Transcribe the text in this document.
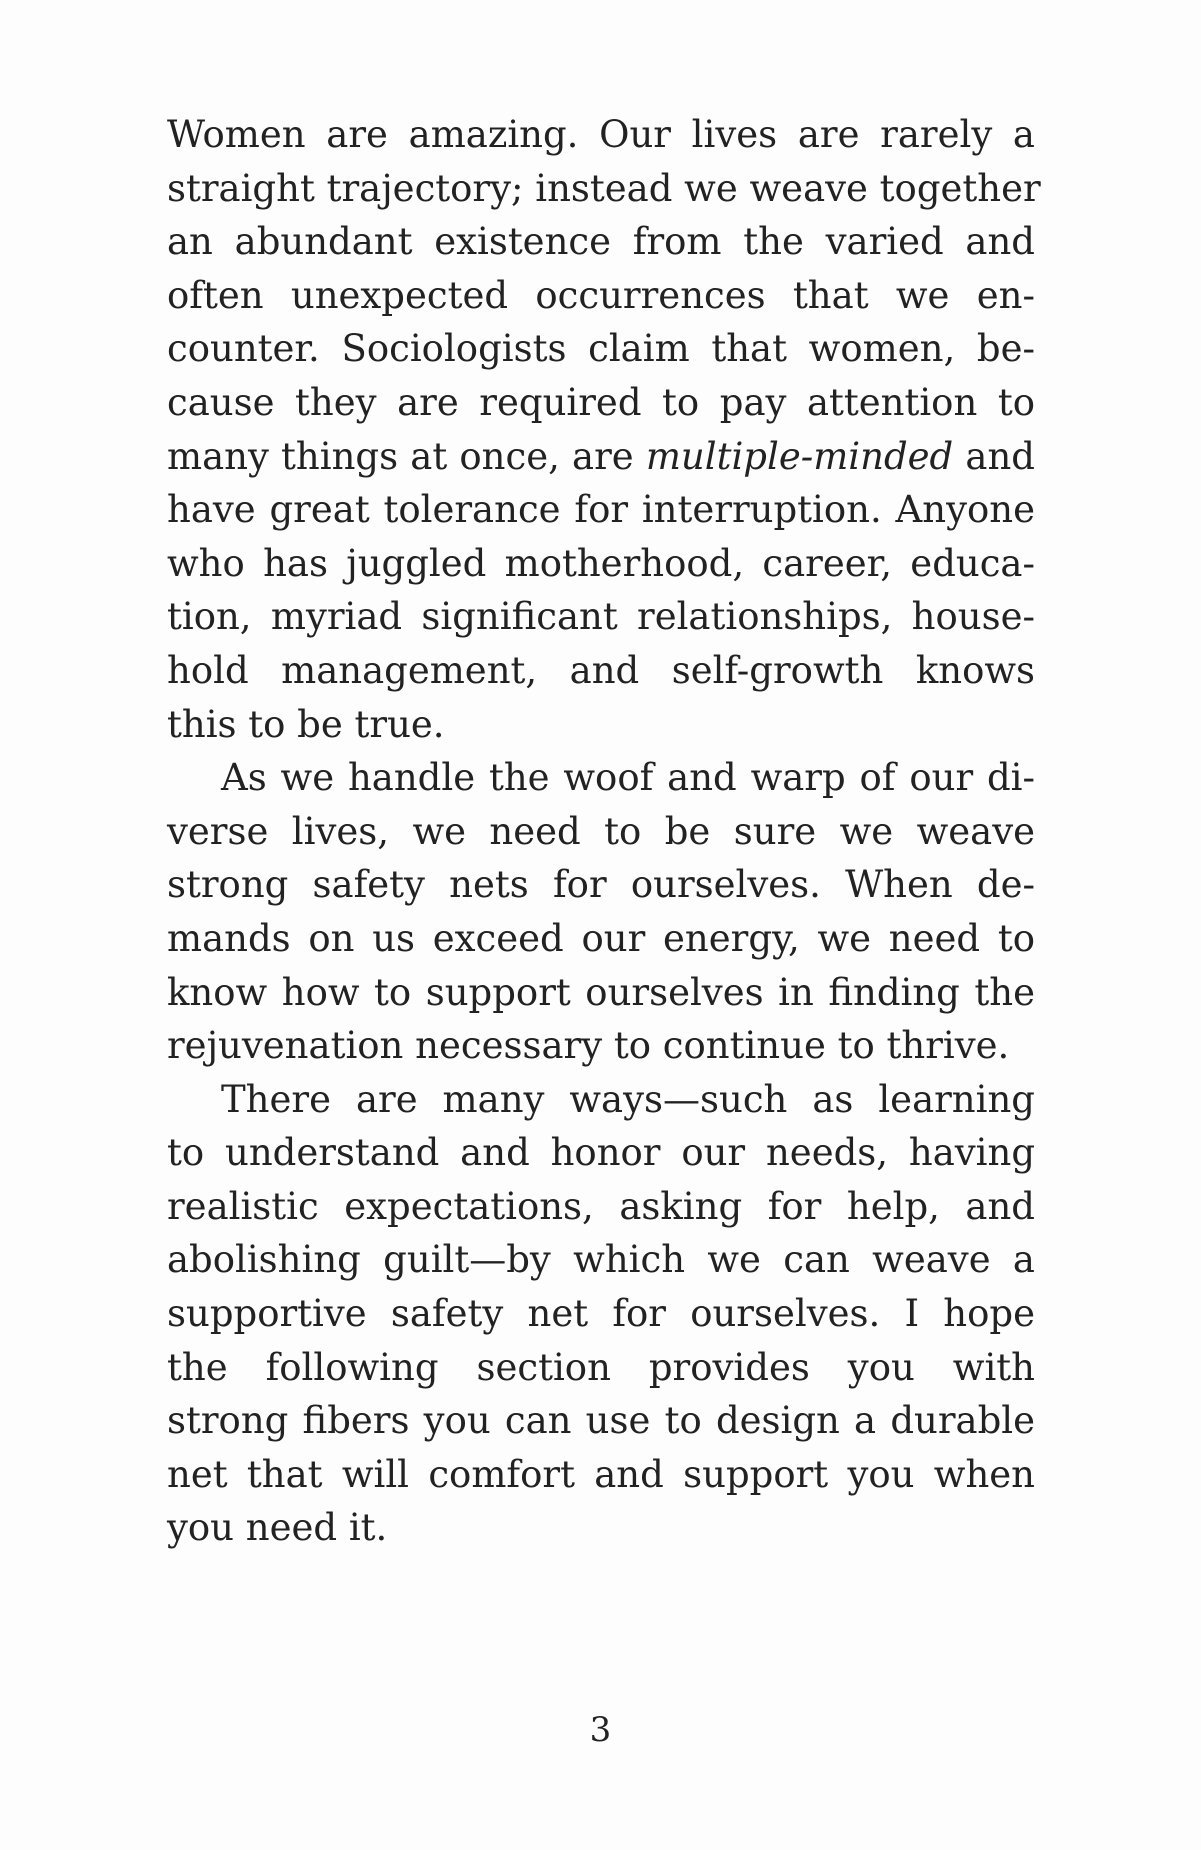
Women are amazing. Our lives are rarely a
straight trajectory; instead we weave together
an abundant existence from the varied and
often unexpected occurrences that we en-
counter. Sociologists claim that women, be-
cause they are required to pay attention to
many things at once, are multiple-minded and
have great tolerance for interruption. Anyone
who has juggled motherhood, career, educa-
tion, myriad significant relationships, house-
hold management, and self-growth knows
this to be true.
As we handle the woof and warp of our di-
verse lives, we need to be sure we weave
strong safety nets for ourselves. When de-
mands on us exceed our energy, we need to
know how to support ourselves in finding the
rejuvenation necessary to continue to thrive.
There are many ways—such as learning
to understand and honor our needs, having
realistic expectations, asking for help, and
abolishing guilt—by which we can weave a
supportive safety net for ourselves. I hope
the following section provides you with
strong fibers you can use to design a durable
net that will comfort and support you when
you need it.
3
